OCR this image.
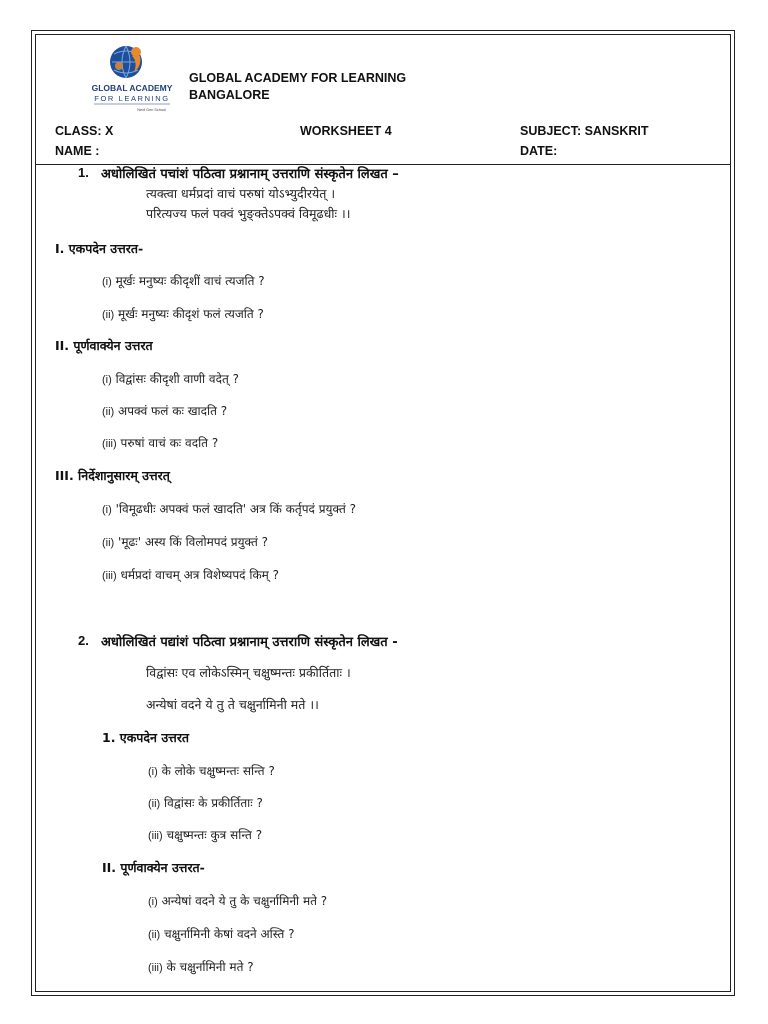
GLOBAL ACADEMY
FOR LEARNING
Next Gen School
GLOBAL ACADEMY FOR LEARNING
BANGALORE
CLASS: X	WORKSHEET 4	SUBJECT: SANSKRIT
NAME :	DATE:
1. अधोलिखितं पचांशं पठित्वा प्रश्नानाम् उत्तराणि संस्कृतेन लिखत –
त्यक्त्वा धर्मप्रदां वाचं परुषां योऽभ्युदीरयेत् ।
परित्यज्य फलं पक्वं भुङ्क्तेऽपक्वं विमूढधीः ।।
I. एकपदेन उत्तरत-
(i) मूर्खः मनुष्यः कीदृशीं वाचं त्यजति ?
(ii) मूर्खः मनुष्यः कीदृशं फलं त्यजति ?
II. पूर्णवाक्येन उत्तरत
(i) विद्वांसः कीदृशी वाणी वदेत् ?
(ii) अपक्वं फलं कः खादति ?
(iii) परुषां वाचं कः वदति ?
III. निर्देशानुसारम् उत्तरत्
(i) 'विमूढधीः अपक्वं फलं खादति' अत्र किं कर्तृपदं प्रयुक्तं ?
(ii) 'मूढः' अस्य किं विलोमपदं प्रयुक्तं ?
(iii) धर्मप्रदां वाचम् अत्र विशेष्यपदं किम् ?
2. अधोलिखितं पद्यांशं पठित्वा प्रश्नानाम् उत्तराणि संस्कृतेन लिखत -
विद्वांसः एव लोकेऽस्मिन् चक्षुष्मन्तः प्रकीर्तिताः ।
अन्येषां वदने ये तु ते चक्षुर्नामिनी मते ।।
1. एकपदेन उत्तरत
(i) के लोके चक्षुष्मन्तः सन्ति ?
(ii) विद्वांसः के प्रकीर्तिताः ?
(iii) चक्षुष्मन्तः कुत्र सन्ति ?
II. पूर्णवाक्येन उत्तरत-
(i) अन्येषां वदने ये तु के चक्षुर्नामिनी मते ?
(ii) चक्षुर्नामिनी केषां वदने अस्ति ?
(iii) के चक्षुर्नामिनी मते ?
